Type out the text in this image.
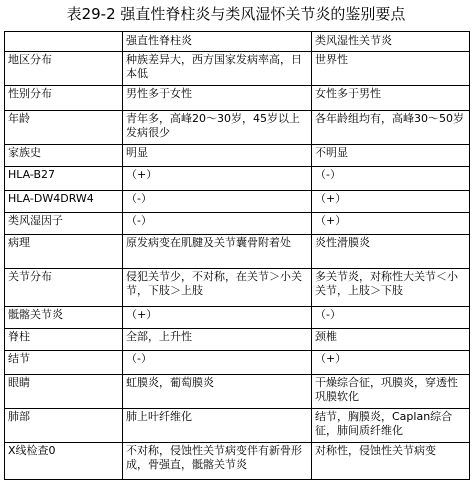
表29-2 强直性脊柱炎与类风湿怀关节炎的鉴别要点
	强直性脊柱炎	类风湿性关节炎
地区分布	种族差异大，西方国家发病率高，日本低	世界性
性别分布	男性多于女性	女性多于男性
年龄	青年多，高峰20～30岁，45岁以上发病很少	各年龄组均有，高峰30～50岁
家族史	明显	不明显
HLA-B27	（+）	（-）
HLA-DW4DRW4	（-）	（+）
类风湿因子	（-）	（+）
病理	原发病变在肌腱及关节囊骨附着处	炎性滑膜炎
关节分布	侵犯关节少，不对称，在关节＞小关节，下肢＞上肢	多关节炎，对称性大关节＜小关节，上肢＞下肢
骶髂关节炎	（+）	（-）
脊柱	全部，上升性	颈椎
结节	（-）	（+）
眼睛	虹膜炎，葡萄膜炎	干燥综合征，巩膜炎，穿透性巩膜软化
肺部	肺上叶纤维化	结节，胸膜炎，Caplan综合征，肺间质纤维化
X线检查0	不对称，侵蚀性关节病变伴有新骨形成，骨强直，骶髂关节炎	对称性，侵蚀性关节病变
